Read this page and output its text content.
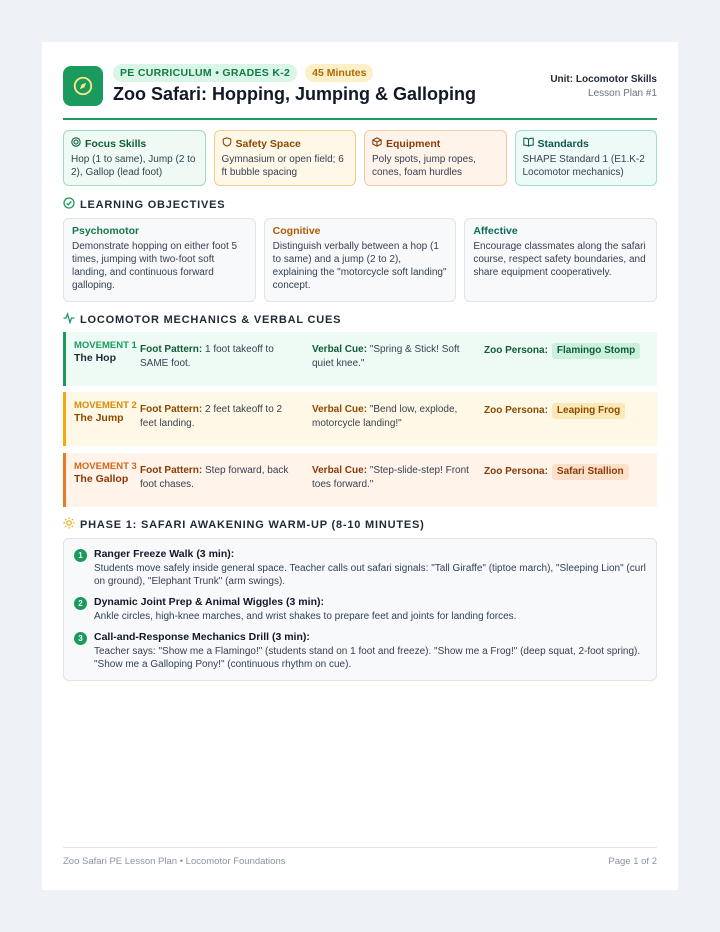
PE CURRICULUM • GRADES K-2	45 Minutes
Zoo Safari: Hopping, Jumping & Galloping
Unit: Locomotor Skills
Lesson Plan #1
Focus Skills
Hop (1 to same), Jump (2 to 2), Gallop (lead foot)
Safety Space
Gymnasium or open field; 6 ft bubble spacing
Equipment
Poly spots, jump ropes, cones, foam hurdles
Standards
SHAPE Standard 1 (E1.K-2 Locomotor mechanics)
LEARNING OBJECTIVES
Psychomotor
Demonstrate hopping on either foot 5 times, jumping with two-foot soft landing, and continuous forward galloping.
Cognitive
Distinguish verbally between a hop (1 to same) and a jump (2 to 2), explaining the "motorcycle soft landing" concept.
Affective
Encourage classmates along the safari course, respect safety boundaries, and share equipment cooperatively.
LOCOMOTOR MECHANICS & VERBAL CUES
MOVEMENT 1
The Hop
Foot Pattern: 1 foot takeoff to SAME foot.
Verbal Cue: "Spring & Stick! Soft quiet knee."
Zoo Persona: Flamingo Stomp
MOVEMENT 2
The Jump
Foot Pattern: 2 feet takeoff to 2 feet landing.
Verbal Cue: "Bend low, explode, motorcycle landing!"
Zoo Persona: Leaping Frog
MOVEMENT 3
The Gallop
Foot Pattern: Step forward, back foot chases.
Verbal Cue: "Step-slide-step! Front toes forward."
Zoo Persona: Safari Stallion
PHASE 1: SAFARI AWAKENING WARM-UP (8-10 MINUTES)
1	Ranger Freeze Walk (3 min):
Students move safely inside general space. Teacher calls out safari signals: "Tall Giraffe" (tiptoe march), "Sleeping Lion" (curl on ground), "Elephant Trunk" (arm swings).
2	Dynamic Joint Prep & Animal Wiggles (3 min):
Ankle circles, high-knee marches, and wrist shakes to prepare feet and joints for landing forces.
3	Call-and-Response Mechanics Drill (3 min):
Teacher says: "Show me a Flamingo!" (students stand on 1 foot and freeze). "Show me a Frog!" (deep squat, 2-foot spring). "Show me a Galloping Pony!" (continuous rhythm on cue).
Zoo Safari PE Lesson Plan • Locomotor Foundations	Page 1 of 2
